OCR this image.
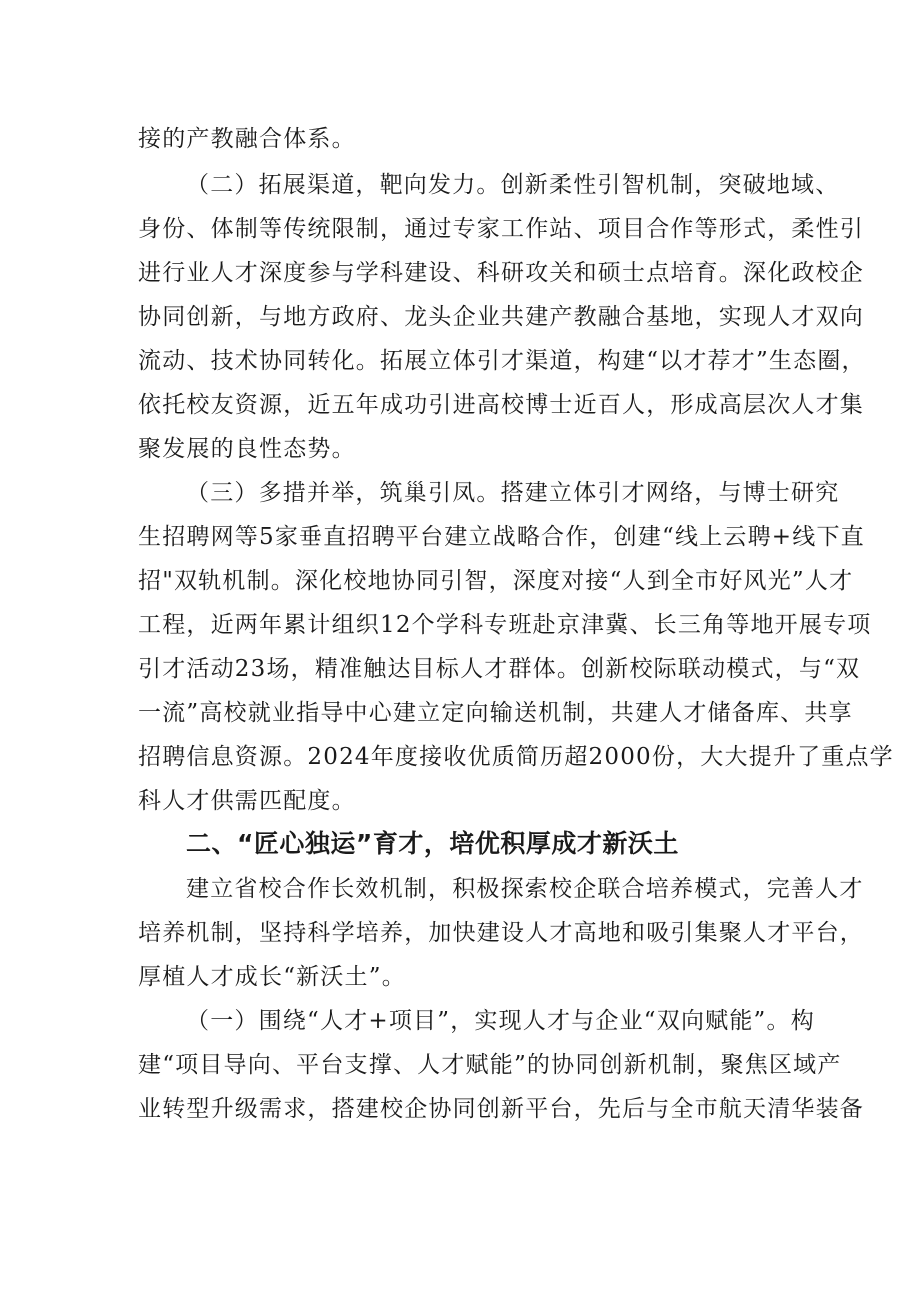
接的产教融合体系。
（二）拓展渠道，靶向发力。创新柔性引智机制，突破地域、
身份、体制等传统限制，通过专家工作站、项目合作等形式，柔性引
进行业人才深度参与学科建设、科研攻关和硕士点培育。深化政校企
协同创新，与地方政府、龙头企业共建产教融合基地，实现人才双向
流动、技术协同转化。拓展立体引才渠道，构建“以才荐才”生态圈，
依托校友资源，近五年成功引进高校博士近百人，形成高层次人才集
聚发展的良性态势。
（三）多措并举，筑巢引凤。搭建立体引才网络，与博士研究
生招聘网等5家垂直招聘平台建立战略合作，创建“线上云聘+线下直
招"双轨机制。深化校地协同引智，深度对接“人到全市好风光”人才
工程，近两年累计组织12个学科专班赴京津冀、长三角等地开展专项
引才活动23场，精准触达目标人才群体。创新校际联动模式，与“双
一流”高校就业指导中心建立定向输送机制，共建人才储备库、共享
招聘信息资源。2024年度接收优质简历超2000份，大大提升了重点学
科人才供需匹配度。
二、“匠心独运”育才，培优积厚成才新沃土
建立省校合作长效机制，积极探索校企联合培养模式，完善人才
培养机制，坚持科学培养，加快建设人才高地和吸引集聚人才平台，
厚植人才成长“新沃土”。
（一）围绕“人才+项目”，实现人才与企业“双向赋能”。构
建“项目导向、平台支撑、人才赋能”的协同创新机制，聚焦区域产
业转型升级需求，搭建校企协同创新平台，先后与全市航天清华装备
